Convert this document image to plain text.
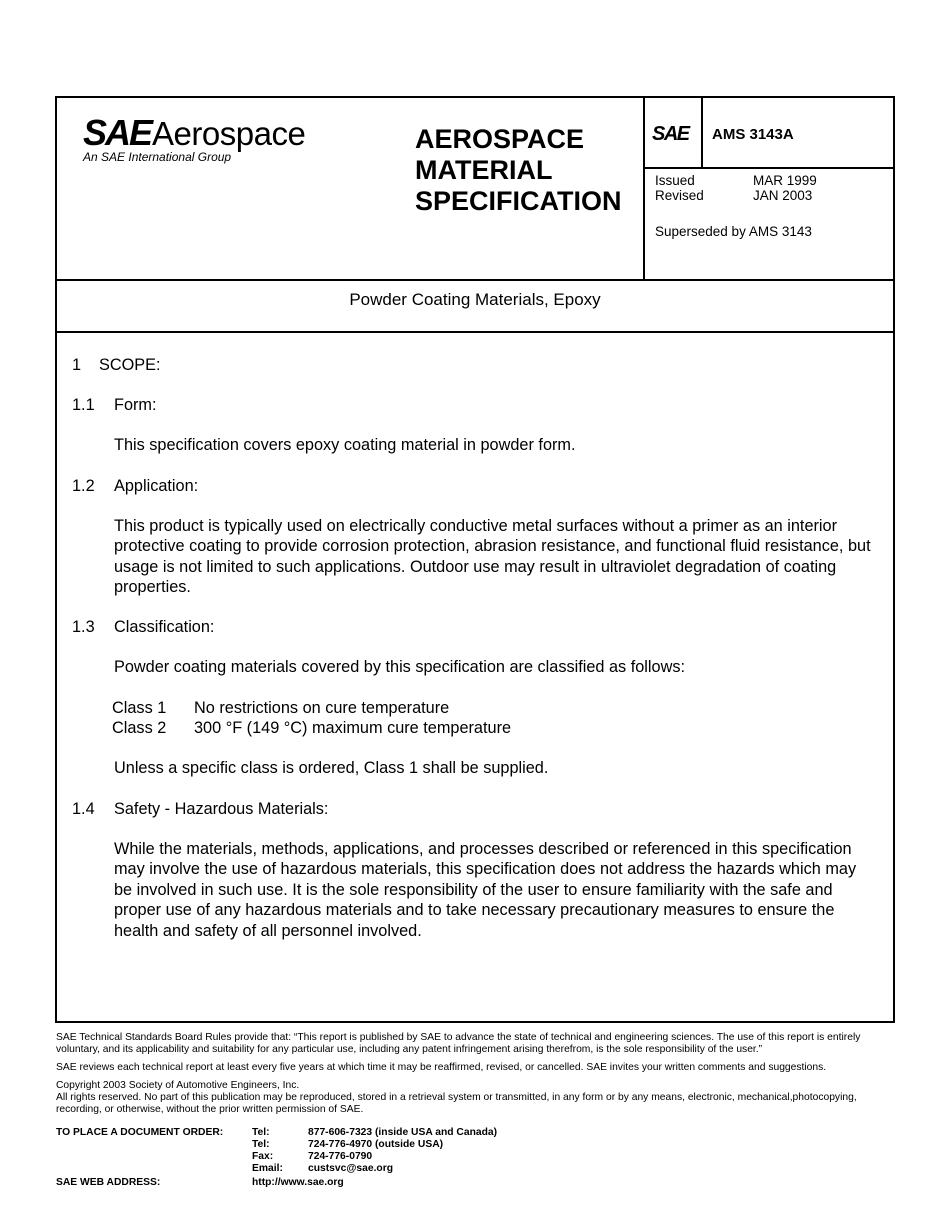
SAE Aerospace
An SAE International Group
AEROSPACE
MATERIAL
SPECIFICATION
SAE AMS 3143A
Issued	MAR 1999
Revised	JAN 2003
Superseded by AMS 3143
Powder Coating Materials, Epoxy
1 SCOPE:
1.1 Form:
This specification covers epoxy coating material in powder form.
1.2 Application:
This product is typically used on electrically conductive metal surfaces without a primer as an interior protective coating to provide corrosion protection, abrasion resistance, and functional fluid resistance, but usage is not limited to such applications. Outdoor use may result in ultraviolet degradation of coating properties.
1.3 Classification:
Powder coating materials covered by this specification are classified as follows:
Class 1	No restrictions on cure temperature
Class 2	300 °F (149 °C) maximum cure temperature
Unless a specific class is ordered, Class 1 shall be supplied.
1.4 Safety - Hazardous Materials:
While the materials, methods, applications, and processes described or referenced in this specification may involve the use of hazardous materials, this specification does not address the hazards which may be involved in such use. It is the sole responsibility of the user to ensure familiarity with the safe and proper use of any hazardous materials and to take necessary precautionary measures to ensure the health and safety of all personnel involved.

SAE Technical Standards Board Rules provide that: “This report is published by SAE to advance the state of technical and engineering sciences. The use of this report is entirely voluntary, and its applicability and suitability for any particular use, including any patent infringement arising therefrom, is the sole responsibility of the user.”

SAE reviews each technical report at least every five years at which time it may be reaffirmed, revised, or cancelled. SAE invites your written comments and suggestions.

Copyright 2003 Society of Automotive Engineers, Inc.
All rights reserved. No part of this publication may be reproduced, stored in a retrieval system or transmitted, in any form or by any means, electronic, mechanical,photocopying, recording, or otherwise, without the prior written permission of SAE.
TO PLACE A DOCUMENT ORDER:	Tel:	877-606-7323 (inside USA and Canada)
Tel:	724-776-4970 (outside USA)
Fax:	724-776-0790
Email: custsvc@sae.org
SAE WEB ADDRESS:	http://www.sae.org
